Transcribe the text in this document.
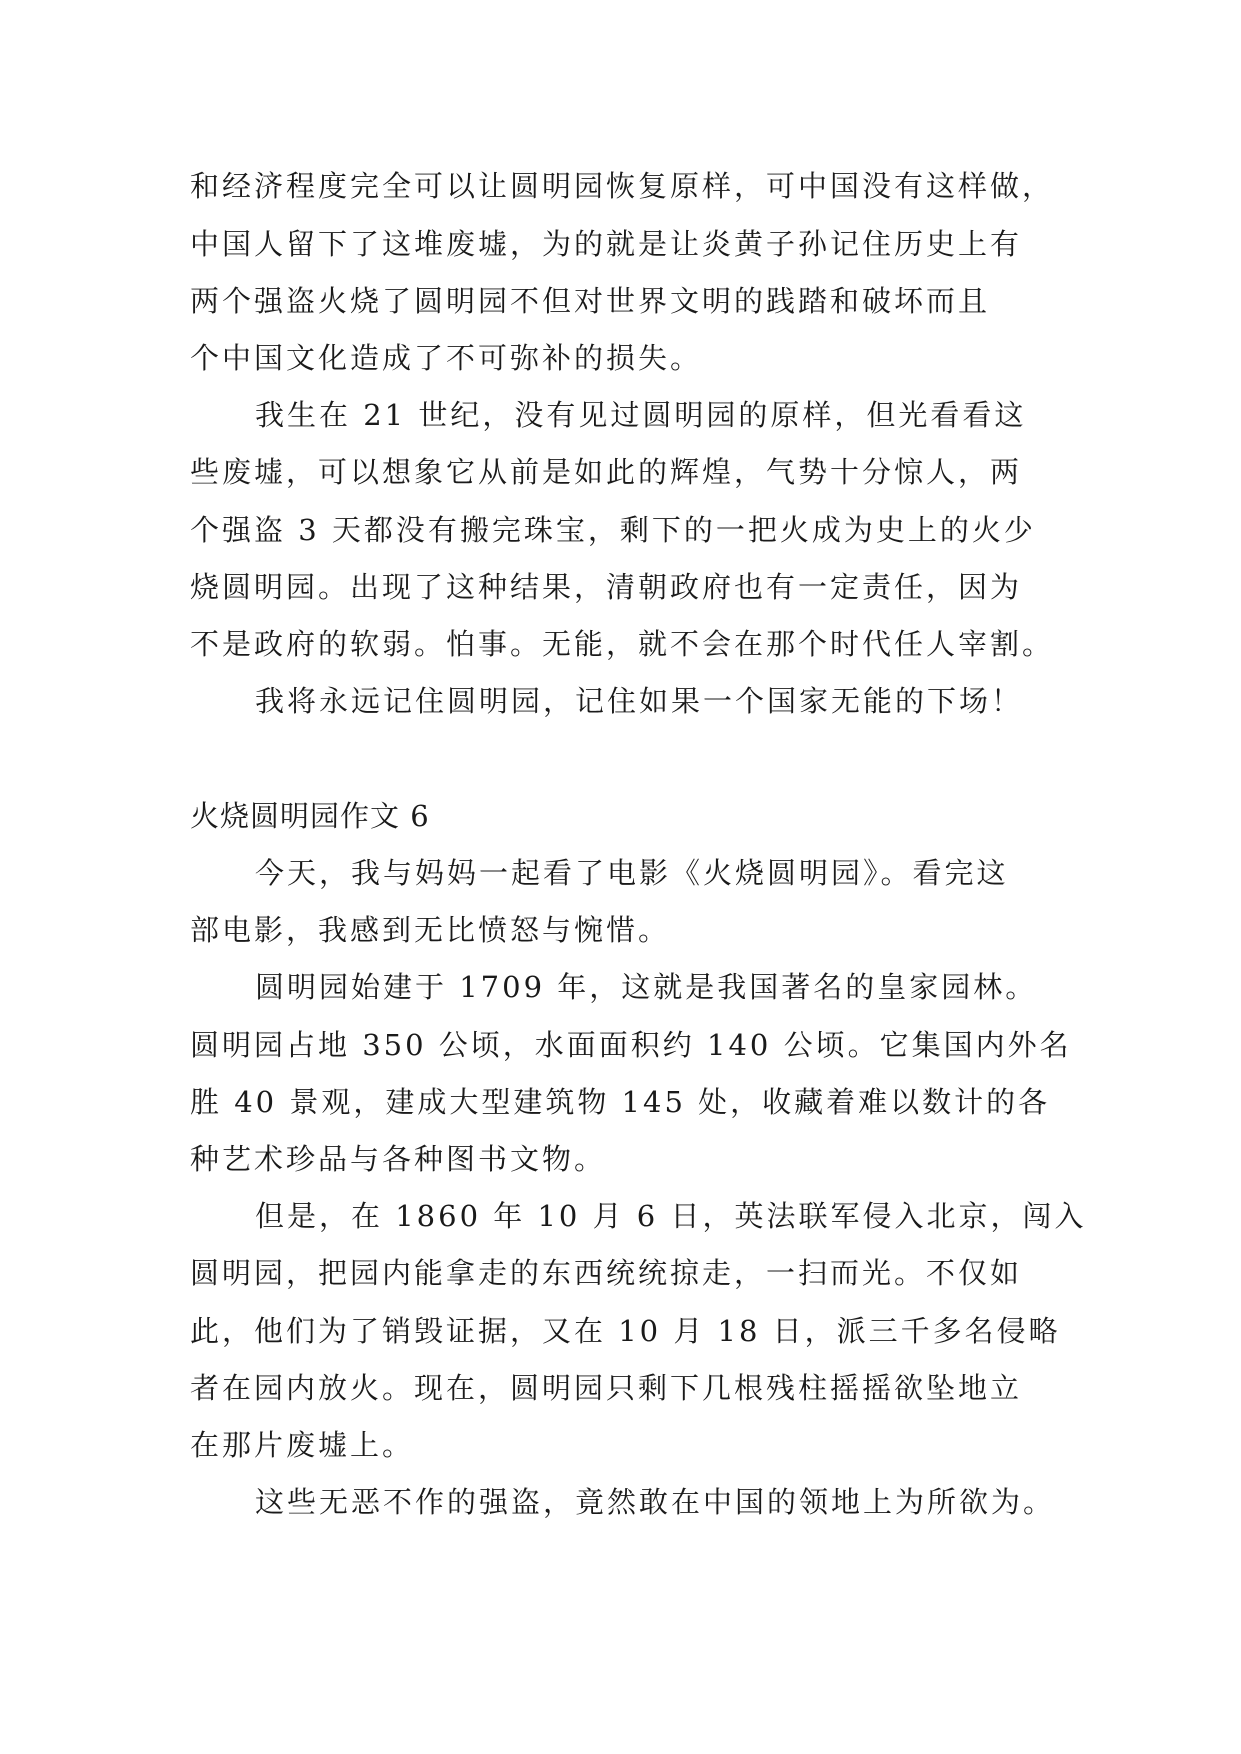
和经济程度完全可以让圆明园恢复原样，可中国没有这样做，
中国人留下了这堆废墟，为的就是让炎黄子孙记住历史上有
两个强盗火烧了圆明园不但对世界文明的践踏和破坏而且
个中国文化造成了不可弥补的损失。
我生在 21 世纪，没有见过圆明园的原样，但光看看这
些废墟，可以想象它从前是如此的辉煌，气势十分惊人，两
个强盗 3 天都没有搬完珠宝，剩下的一把火成为史上的火少
烧圆明园。出现了这种结果，清朝政府也有一定责任，因为
不是政府的软弱。怕事。无能，就不会在那个时代任人宰割。
我将永远记住圆明园，记住如果一个国家无能的下场！
火烧圆明园作文 6
今天，我与妈妈一起看了电影《火烧圆明园》。看完这
部电影，我感到无比愤怒与惋惜。
圆明园始建于 1709 年，这就是我国著名的皇家园林。
圆明园占地 350 公顷，水面面积约 140 公顷。它集国内外名
胜 40 景观，建成大型建筑物 145 处，收藏着难以数计的各
种艺术珍品与各种图书文物。
但是，在 1860 年 10 月 6 日，英法联军侵入北京，闯入
圆明园，把园内能拿走的东西统统掠走，一扫而光。不仅如
此，他们为了销毁证据，又在 10 月 18 日，派三千多名侵略
者在园内放火。现在，圆明园只剩下几根残柱摇摇欲坠地立
在那片废墟上。
这些无恶不作的强盗，竟然敢在中国的领地上为所欲为。
